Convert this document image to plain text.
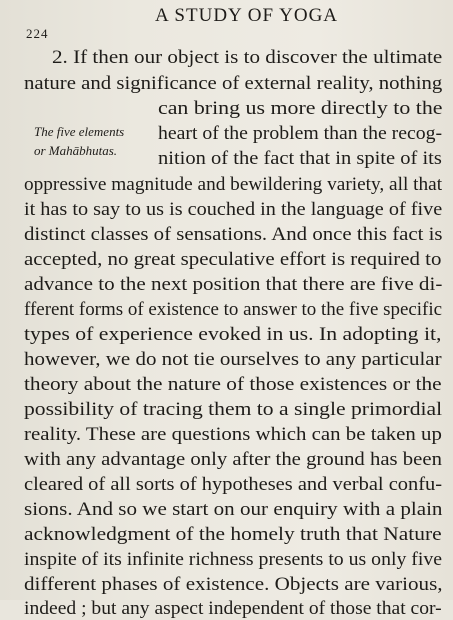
224
A STUDY OF YOGA
The five elements
or Mahābhutas.
2. If then our object is to discover the ultimate
nature and significance of external reality, nothing
can bring us more directly to the
heart of the problem than the recog-
nition of the fact that in spite of its
oppressive magnitude and bewildering variety, all that
it has to say to us is couched in the language of five
distinct classes of sensations. And once this fact is
accepted, no great speculative effort is required to
advance to the next position that there are five di-
fferent forms of existence to answer to the five specific
types of experience evoked in us. In adopting it,
however, we do not tie ourselves to any particular
theory about the nature of those existences or the
possibility of tracing them to a single primordial
reality. These are questions which can be taken up
with any advantage only after the ground has been
cleared of all sorts of hypotheses and verbal confu-
sions. And so we start on our enquiry with a plain
acknowledgment of the homely truth that Nature
inspite of its infinite richness presents to us only five
different phases of existence. Objects are various,
indeed ; but any aspect independent of those that cor-
